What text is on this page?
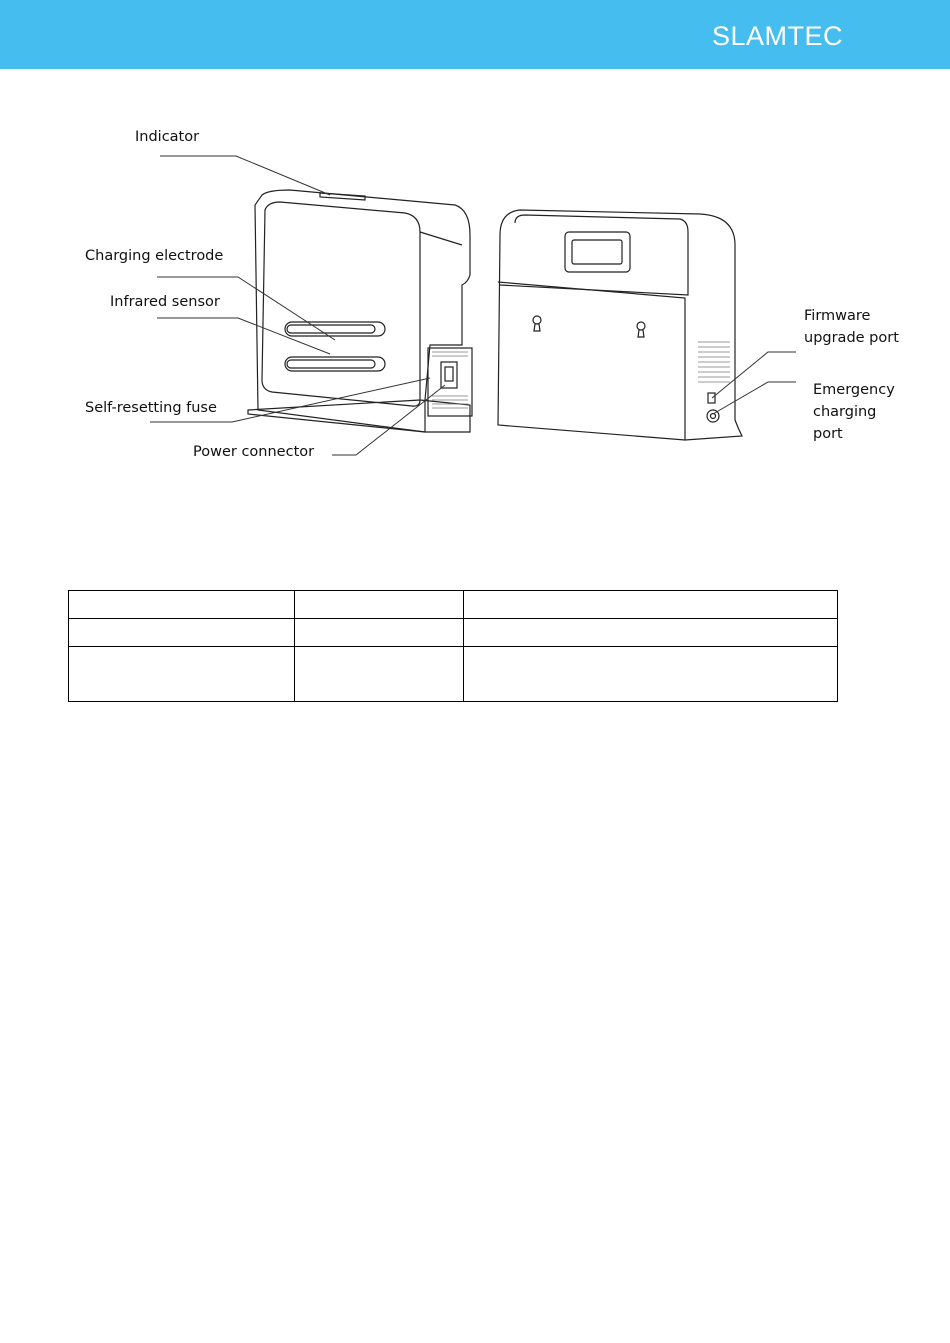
SLAMTEC
Indicator
Charging electrode
Infrared sensor
Self-resetting fuse
Power connector
Firmware
upgrade port
Emergency
charging
port
